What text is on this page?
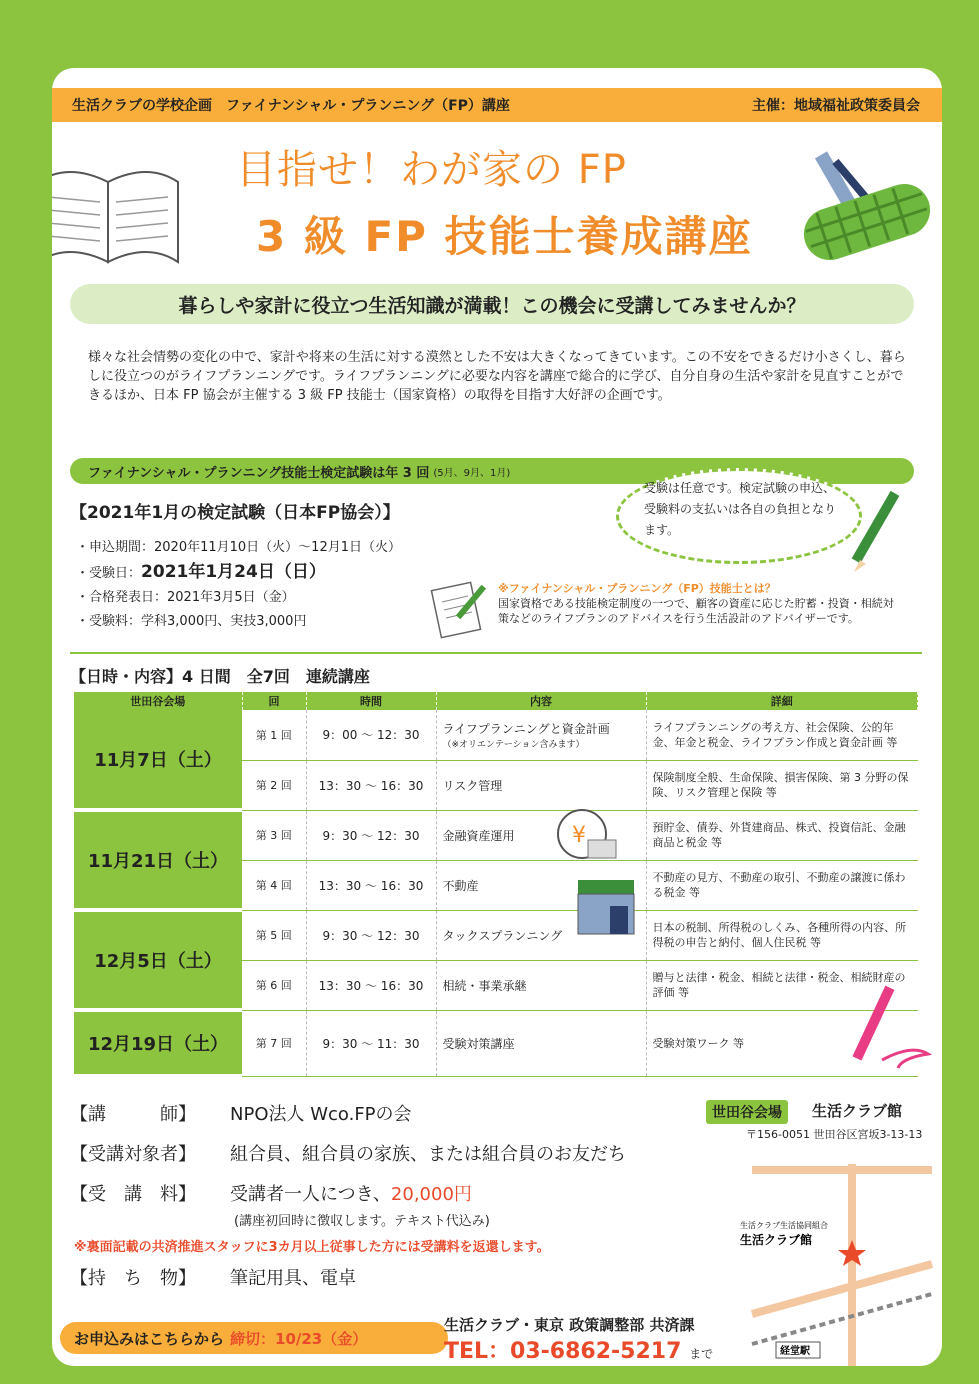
生活クラブの学校企画　ファイナンシャル・プランニング（FP）講座	主催：地域福祉政策委員会
目指せ！わが家の FP
3 級 FP 技能士養成講座
暮らしや家計に役立つ生活知識が満載！この機会に受講してみませんか？
様々な社会情勢の変化の中で、家計や将来の生活に対する漠然とした不安は大きくなってきています。この不安をできるだけ小さくし、暮らしに役立つのがライフプランニングです。ライフプランニングに必要な内容を講座で総合的に学び、自分自身の生活や家計を見直すことができるほか、日本 FP 協会が主催する 3 級 FP 技能士（国家資格）の取得を目指す大好評の企画です。
ファイナンシャル・プランニング技能士検定試験は年 3 回 (5月、9月、1月)
受験は任意です。検定試験の申込、受験料の支払いは各自の負担となります。
【2021年1月の検定試験（日本FP協会）】
・ 申込期間：2020年11月10日（火）〜12月1日（火）
・ 受験日：2021年1月24日（日）
・ 合格発表日：2021年3月5日（金）
・ 受験料：学科3,000円、実技3,000円
※ファイナンシャル・プランニング（FP）技能士とは？
国家資格である技能検定制度の一つで、顧客の資産に応じた貯蓄・投資・相続対策などのライフプランのアドバイスを行う生活設計のアドバイザーです。
【日時・内容】4 日間　全7回　連続講座
世田谷会場	回	時間	内容	詳細
11月7日（土）	第 1 回	9：00 〜 12：30	ライフプランニングと資金計画
（※オリエンテーション含みます）	ライフプランニングの考え方、社会保険、公的年金、年金と税金、ライフプラン作成と資金計画 等
	第 2 回	13：30 〜 16：30	リスク管理	保険制度全般、生命保険、損害保険、第 3 分野の保険、リスク管理と保険 等
11月21日（土）	第 3 回	9：30 〜 12：30	金融資産運用	預貯金、債券、外貨建商品、株式、投資信託、金融商品と税金 等
	第 4 回	13：30 〜 16：30	不動産	不動産の見方、不動産の取引、不動産の譲渡に係わる税金 等
12月5日（土）	第 5 回	9：30 〜 12：30	タックスプランニング	日本の税制、所得税のしくみ、各種所得の内容、所得税の申告と納付、個人住民税 等
	第 6 回	13：30 〜 16：30	相続・事業承継	贈与と法律・税金、相続と法律・税金、相続財産の評価 等
12月19日（土）	第 7 回	9：30 〜 11：30	受験対策講座	受験対策ワーク 等
¥
【講　　　師】 NPO法人 Wco.FPの会
【受講対象者】 組合員、組合員の家族、または組合員のお友だち
【受　講　料】 受講者一人につき、20,000円
(講座初回時に徴収します。テキスト代込み)
※裏面記載の共済推進スタッフに3カ月以上従事した方には受講料を返還します。
【持　ち　物】 筆記用具、電卓
世田谷会場	生活クラブ館
〒156-0051 世田谷区宮坂3-13-13
経堂駅
生活クラブ生活協同組合
生活クラブ館
お申込みはこちらから 締切：10/23（金）
生活クラブ・東京 政策調整部 共済課
TEL：03-6862-5217 まで
